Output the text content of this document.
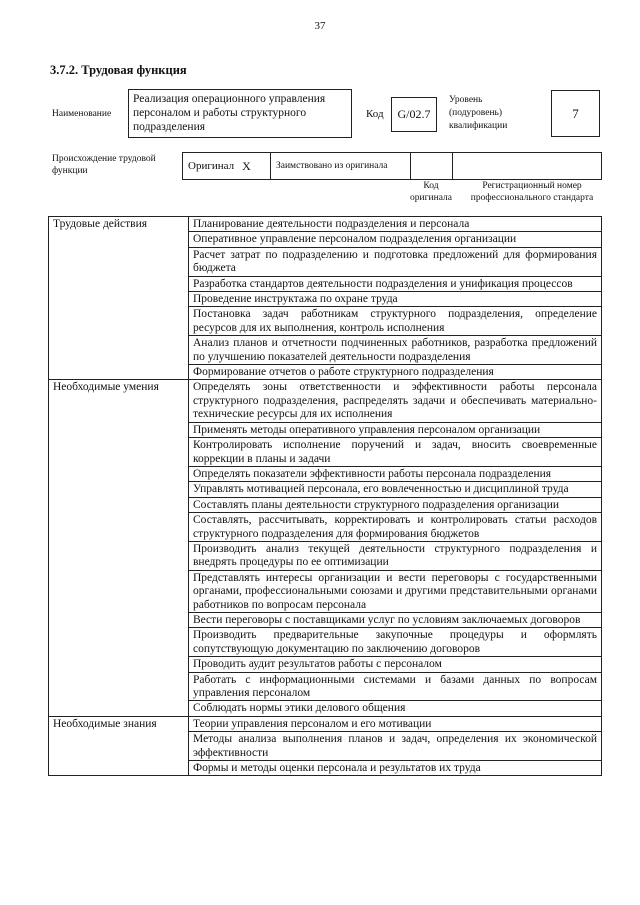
37
3.7.2. Трудовая функция
Наименование
Реализация операционного управления персоналом и работы структурного подразделения
Код G/02.7
Уровень
(подуровень)
квалификации
7
Происхождение трудовой
функции	Оригинал X	Заимствовано из оригинала
Код
оригинала
Регистрационный номер
профессионального стандарта
Трудовые действия	Планирование деятельности подразделения и персонала
	Оперативное управление персоналом подразделения организации
	Расчет затрат по подразделению и подготовка предложений для формирования бюджета
	Разработка стандартов деятельности подразделения и унификация процессов
	Проведение инструктажа по охране труда
	Постановка задач работникам структурного подразделения, определение ресурсов для их выполнения, контроль исполнения
	Анализ планов и отчетности подчиненных работников, разработка предложений по улучшению показателей деятельности подразделения
	Формирование отчетов о работе структурного подразделения
Необходимые умения	Определять зоны ответственности и эффективности работы персонала структурного подразделения, распределять задачи и обеспечивать материально-технические ресурсы для их исполнения
	Применять методы оперативного управления персоналом организации
	Контролировать исполнение поручений и задач, вносить своевременные коррекции в планы и задачи
	Определять показатели эффективности работы персонала подразделения
	Управлять мотивацией персонала, его вовлеченностью и дисциплиной труда
	Составлять планы деятельности структурного подразделения организации
	Составлять, рассчитывать, корректировать и контролировать статьи расходов структурного подразделения для формирования бюджетов
	Производить анализ текущей деятельности структурного подразделения и внедрять процедуры по ее оптимизации
	Представлять интересы организации и вести переговоры с государственными органами, профессиональными союзами и другими представительными органами работников по вопросам персонала
	Вести переговоры с поставщиками услуг по условиям заключаемых договоров
	Производить предварительные закупочные процедуры и оформлять сопутствующую документацию по заключению договоров
	Проводить аудит результатов работы с персоналом
	Работать с информационными системами и базами данных по вопросам управления персоналом
	Соблюдать нормы этики делового общения
Необходимые знания	Теории управления персоналом и его мотивации
	Методы анализа выполнения планов и задач, определения их экономической эффективности
	Формы и методы оценки персонала и результатов их труда
